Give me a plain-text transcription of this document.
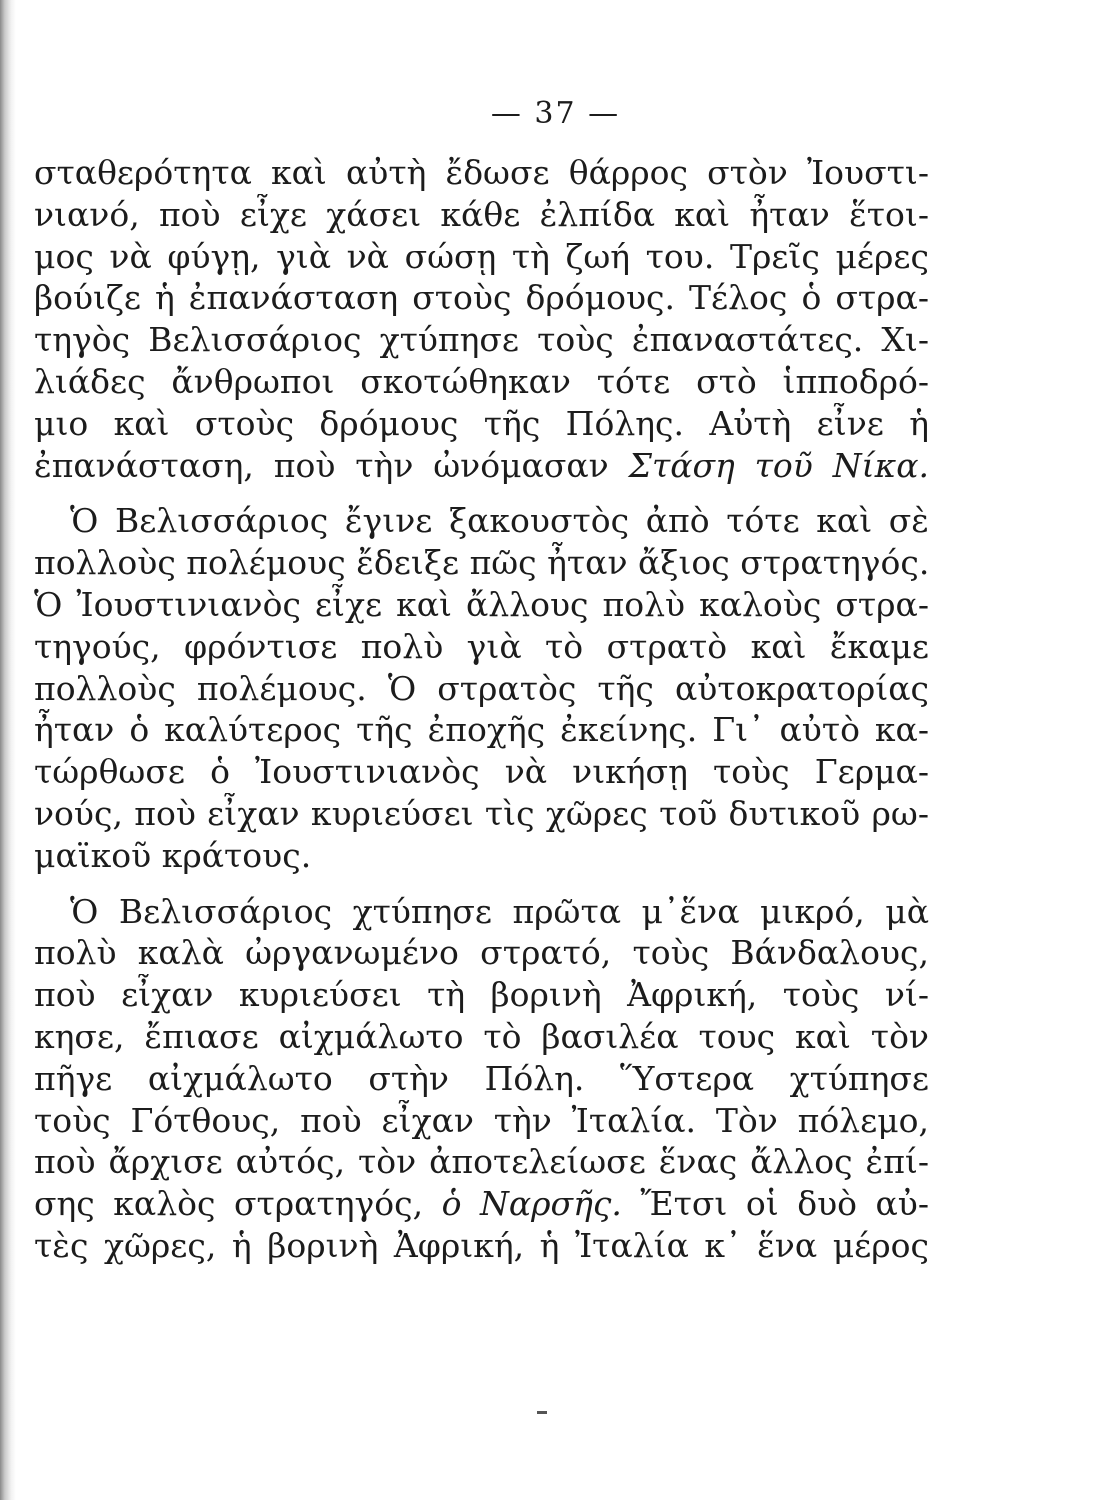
— 37 —
σταθερότητα καὶ αὐτὴ ἔδωσε θάρρος στὸν Ἰουστι-
νιανό, ποὺ εἶχε χάσει κάθε ἐλπίδα καὶ ἦταν ἕτοι-
μος νὰ φύγῃ, γιὰ νὰ σώσῃ τὴ ζωή του. Τρεῖς μέρες
βούιζε ἡ ἐπανάσταση στοὺς δρόμους. Τέλος ὁ στρα-
τηγὸς Βελισσάριος χτύπησε τοὺς ἐπαναστάτες. Χι-
λιάδες ἄνθρωποι σκοτώθηκαν τότε στὸ ἱπποδρό-
μιο καὶ στοὺς δρόμους τῆς Πόλης. Αὐτὴ εἶνε ἡ
ἐπανάσταση, ποὺ τὴν ὠνόμασαν Στάση τοῦ Νίκα.
Ὁ Βελισσάριος ἔγινε ξακουστὸς ἀπὸ τότε καὶ σὲ
πολλοὺς πολέμους ἔδειξε πῶς ἦταν ἄξιος στρατηγός.
Ὁ Ἰουστινιανὸς εἶχε καὶ ἄλλους πολὺ καλοὺς στρα-
τηγούς, φρόντισε πολὺ γιὰ τὸ στρατὸ καὶ ἔκαμε
πολλοὺς πολέμους. Ὁ στρατὸς τῆς αὐτοκρατορίας
ἦταν ὁ καλύτερος τῆς ἐποχῆς ἐκείνης. Γι᾿ αὐτὸ κα-
τώρθωσε ὁ Ἰουστινιανὸς νὰ νικήσῃ τοὺς Γερμα-
νούς, ποὺ εἶχαν κυριεύσει τὶς χῶρες τοῦ δυτικοῦ ρω-
μαϊκοῦ κράτους.
Ὁ Βελισσάριος χτύπησε πρῶτα μ᾿ἕνα μικρό, μὰ
πολὺ καλὰ ὠργανωμένο στρατό, τοὺς Βάνδαλους,
ποὺ εἶχαν κυριεύσει τὴ βορινὴ Ἀφρική, τοὺς νί-
κησε, ἔπιασε αἰχμάλωτο τὸ βασιλέα τους καὶ τὸν
πῆγε αἰχμάλωτο στὴν Πόλη. Ὕστερα χτύπησε
τοὺς Γότθους, ποὺ εἶχαν τὴν Ἰταλία. Τὸν πόλεμο,
ποὺ ἄρχισε αὐτός, τὸν ἀποτελείωσε ἕνας ἄλλος ἐπί-
σης καλὸς στρατηγός, ὁ Ναρσῆς. Ἔτσι οἱ δυὸ αὐ-
τὲς χῶρες, ἡ βορινὴ Ἀφρική, ἡ Ἰταλία κ᾿ ἕνα μέρος
